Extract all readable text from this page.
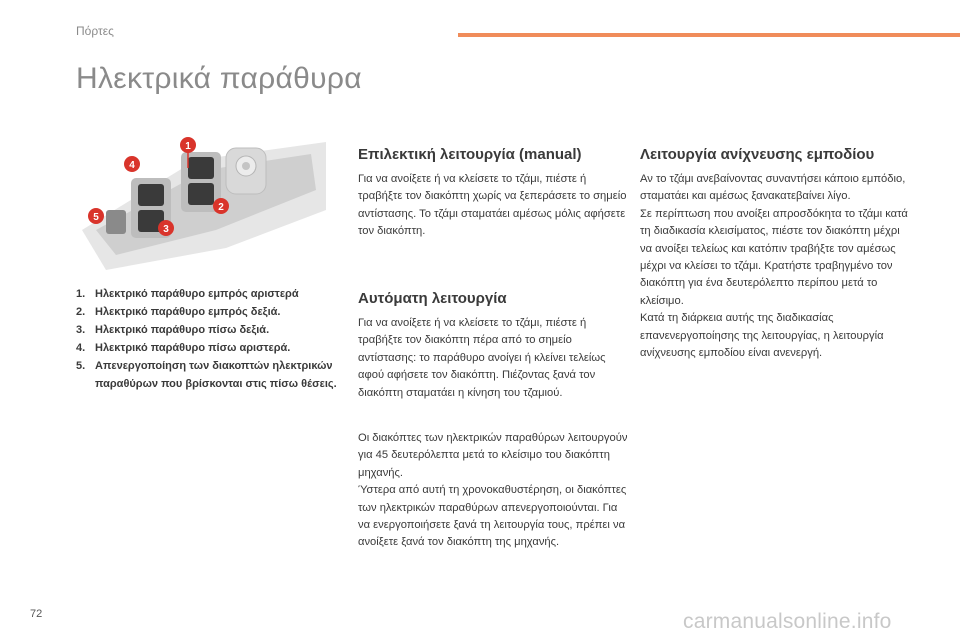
Πόρτες
Ηλεκτρικά παράθυρα
1
2
3
4
5
1. Ηλεκτρικό παράθυρο εμπρός αριστερά
2. Ηλεκτρικό παράθυρο εμπρός δεξιά.
3. Ηλεκτρικό παράθυρο πίσω δεξιά.
4. Ηλεκτρικό παράθυρο πίσω αριστερά.
5. Απενεργοποίηση των διακοπτών ηλεκτρικών παραθύρων που βρίσκονται στις πίσω θέσεις.
Επιλεκτική λειτουργία (manual)

Για να ανοίξετε ή να κλείσετε το τζάμι, πιέστε ή τραβήξτε τον διακόπτη χωρίς να ξεπεράσετε το σημείο αντίστασης. Το τζάμι σταματάει αμέσως μόλις αφήσετε τον διακόπτη.

Αυτόματη λειτουργία

Για να ανοίξετε ή να κλείσετε το τζάμι, πιέστε ή τραβήξτε τον διακόπτη πέρα από το σημείο αντίστασης: το παράθυρο ανοίγει ή κλείνει τελείως αφού αφήσετε τον διακόπτη. Πιέζοντας ξανά τον διακόπτη σταματάει η κίνηση του τζαμιού.

Οι διακόπτες των ηλεκτρικών παραθύρων λειτουργούν για 45 δευτερόλεπτα μετά το κλείσιμο του διακόπτη μηχανής.

Ύστερα από αυτή τη χρονοκαθυστέρηση, οι διακόπτες των ηλεκτρικών παραθύρων απενεργοποιούνται. Για να ενεργοποιήσετε ξανά τη λειτουργία τους, πρέπει να ανοίξετε ξανά τον διακόπτη της μηχανής.

Λειτουργία ανίχνευσης εμποδίου

Αν το τζάμι ανεβαίνοντας συναντήσει κάποιο εμπόδιο, σταματάει και αμέσως ξανακατεβαίνει λίγο.

Σε περίπτωση που ανοίξει απροσδόκητα το τζάμι κατά τη διαδικασία κλεισίματος, πιέστε τον διακόπτη μέχρι να ανοίξει τελείως και κατόπιν τραβήξτε τον αμέσως μέχρι να κλείσει το τζάμι. Κρατήστε τραβηγμένο τον διακόπτη για ένα δευτερόλεπτο περίπου μετά το κλείσιμο.

Κατά τη διάρκεια αυτής της διαδικασίας επανενεργοποίησης της λειτουργίας, η λειτουργία ανίχνευσης εμποδίου είναι ανενεργή.

72	carmanualsonline.info
